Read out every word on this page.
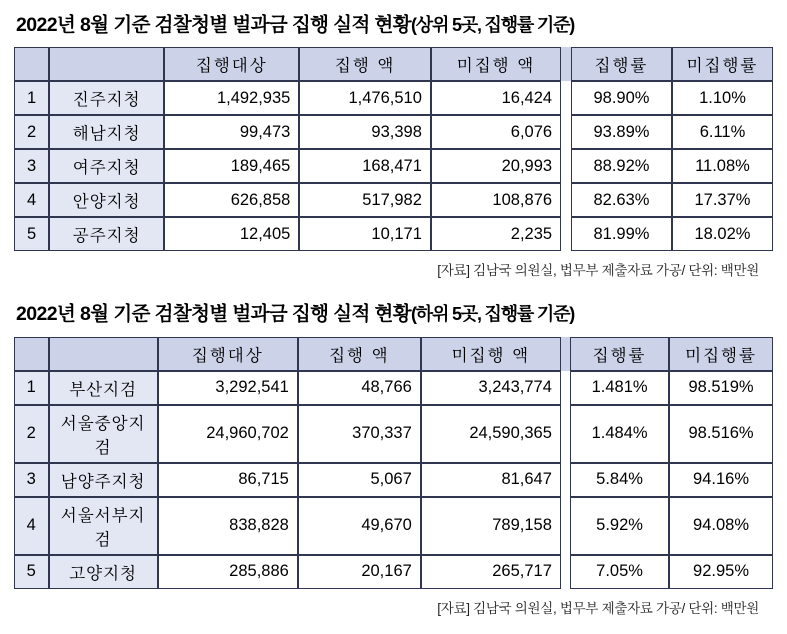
2022년 8월 기준 검찰청별 벌과금 집행 실적 현황(상위 5곳, 집행률 기준)
		집행대상	집행 액	미집행 액		집행률	미집행률
1	진주지청	1,492,935	1,476,510	16,424		98.90%	1.10%
2	해남지청	99,473	93,398	6,076		93.89%	6.11%
3	여주지청	189,465	168,471	20,993		88.92%	11.08%
4	안양지청	626,858	517,982	108,876		82.63%	17.37%
5	공주지청	12,405	10,171	2,235		81.99%	18.02%
[자료] 김남국 의원실, 법무부 제출자료 가공/ 단위: 백만원
2022년 8월 기준 검찰청별 벌과금 집행 실적 현황(하위 5곳, 집행률 기준)
		집행대상	집행 액	미집행 액		집행률	미집행률
1	부산지검	3,292,541	48,766	3,243,774		1.481%	98.519%
2	서울중앙지검	24,960,702	370,337	24,590,365		1.484%	98.516%
3	남양주지청	86,715	5,067	81,647		5.84%	94.16%
4	서울서부지검	838,828	49,670	789,158		5.92%	94.08%
5	고양지청	285,886	20,167	265,717		7.05%	92.95%
[자료] 김남국 의원실, 법무부 제출자료 가공/ 단위: 백만원
